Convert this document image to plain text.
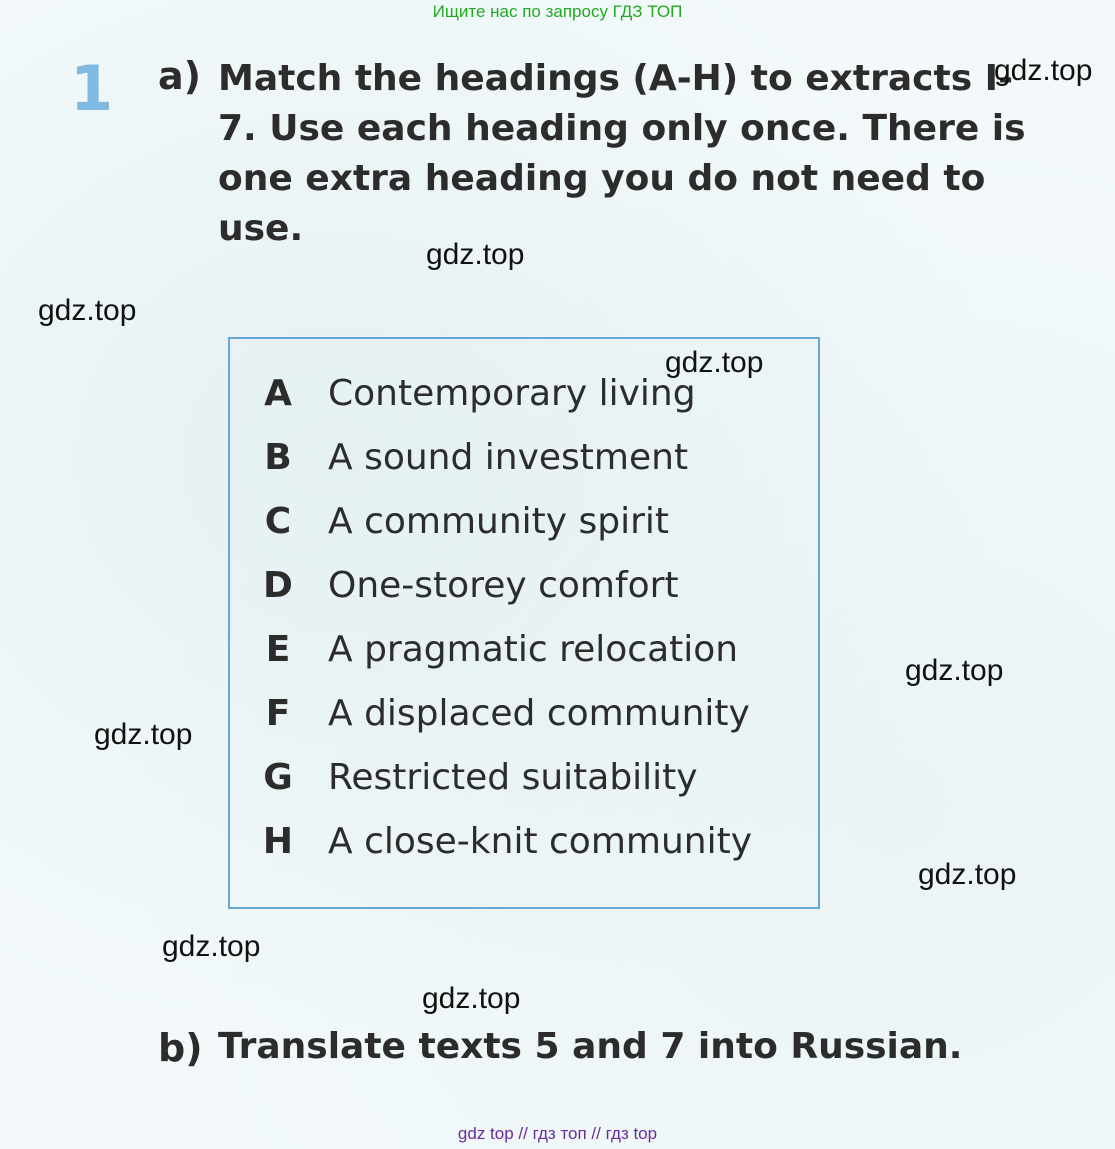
Ищите нас по запросу ГДЗ ТОП
1 a) Match the headings (A-H) to extracts I-7. Use each heading only once. There is one extra heading you do not need to use.
A Contemporary living
B A sound investment
C A community spirit
D One-storey comfort
E A pragmatic relocation
F A displaced community
G Restricted suitability
H A close-knit community
b) Translate texts 5 and 7 into Russian.
gdz.top
gdz.top
gdz.top
gdz.top
gdz.top
gdz.top
gdz.top
gdz.top
gdz.top
gdz top // гдз топ // гдз top
